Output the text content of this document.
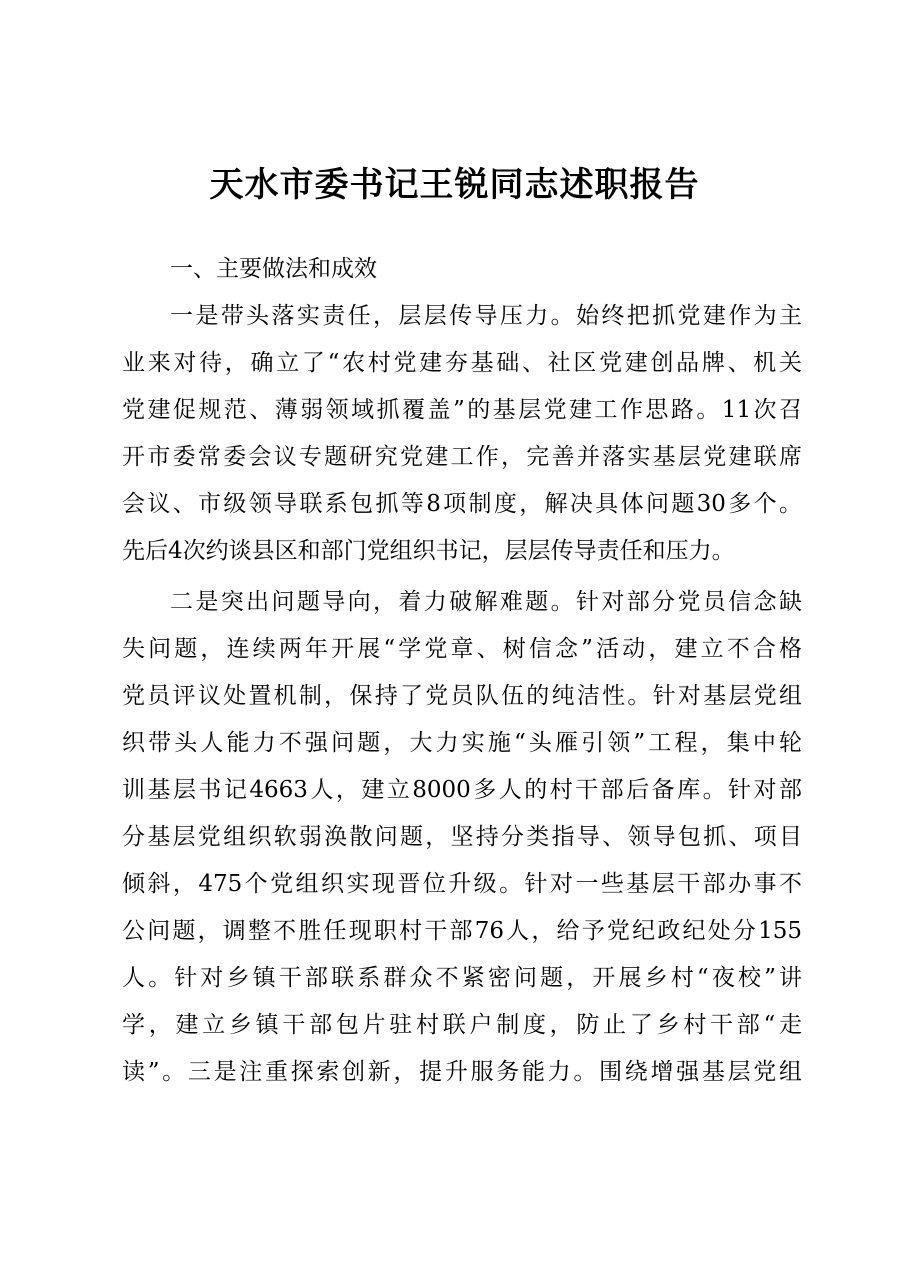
天水市委书记王锐同志述职报告
一、主要做法和成效
一是带头落实责任，层层传导压力。始终把抓党建作为主
业来对待，确立了“农村党建夯基础、社区党建创品牌、机关
党建促规范、薄弱领域抓覆盖”的基层党建工作思路。11次召
开市委常委会议专题研究党建工作，完善并落实基层党建联席
会议、市级领导联系包抓等8项制度，解决具体问题30多个。
先后4次约谈县区和部门党组织书记，层层传导责任和压力。
二是突出问题导向，着力破解难题。针对部分党员信念缺
失问题，连续两年开展“学党章、树信念”活动，建立不合格
党员评议处置机制，保持了党员队伍的纯洁性。针对基层党组
织带头人能力不强问题，大力实施“头雁引领”工程，集中轮
训基层书记4663人，建立8000多人的村干部后备库。针对部
分基层党组织软弱涣散问题，坚持分类指导、领导包抓、项目
倾斜，475个党组织实现晋位升级。针对一些基层干部办事不
公问题，调整不胜任现职村干部76人，给予党纪政纪处分155
人。针对乡镇干部联系群众不紧密问题，开展乡村“夜校”讲
学，建立乡镇干部包片驻村联户制度，防止了乡村干部“走
读”。三是注重探索创新，提升服务能力。围绕增强基层党组
